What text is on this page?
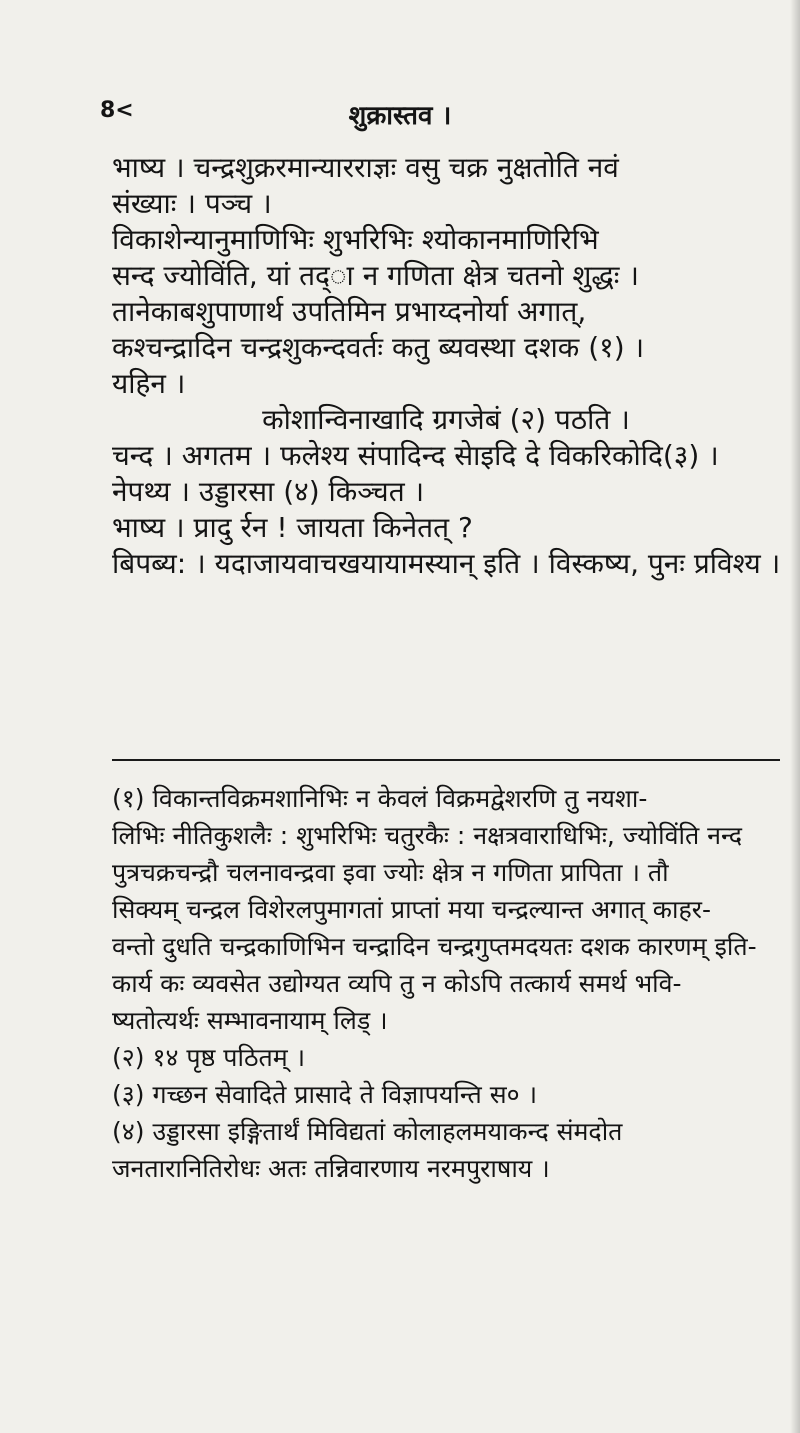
8<	शुक्रास्तव ।

भाष्य । चन्द्रशुक्ररमान्यारराज्ञः वसु चक्र नुक्षतोति नवं

संख्याः । पञ्च ।

विकाशेन्यानुमाणिभिः शुभरिभिः श्योकानमाणिरिभि

सन्द ज्योविंति, यां तद्‌ा न गणिता क्षेत्र चतनो शुद्धः ।

तानेकाबशुपाणार्थ उपतिमिन प्रभाय्दनोर्या अगात्,

कश्चन्द्रादिन चन्द्रशुकन्दवर्तः कतु ब्यवस्था दशक (१) ।

यहिन ।

कोशान्विनाखादि ग्रगजेबं (२) पठति ।

चन्द । अगतम । फलेश्य संपादिन्द सेाइदि दे विकरिकोदि(३) ।

नेपथ्य । उड्डारसा (४) किञ्चत ।

भाष्य । प्रादु र्रन ! जायता किनेतत् ?

बिपब्य: । यदाजायवाचखयायामस्यान् इति । विस्कष्य, पुनः प्रविश्य ।

(१) विकान्तविक्रमशानिभिः न केवलं विक्रमद्वेशरणि तु नयशा-

लिभिः नीतिकुशलैः : शुभरिभिः चतुरकैः : नक्षत्रवाराधिभिः, ज्योविंति नन्द

पुत्रचक्रचन्द्रौ चलनावन्द्रवा इवा ज्योः क्षेत्र न गणिता प्रापिता । तौ

सिक्यम् चन्द्रल विशेरलपुमागतां प्राप्तां मया चन्द्रल्यान्त अगात् काहर-

वन्तो दुधति चन्द्रकाणिभिन चन्द्रादिन चन्द्रगुप्तमदयतः दशक कारणम् इति-

कार्य कः व्यवसेत उद्योग्यत व्यपि तु न कोऽपि तत्कार्य समर्थ भवि-

ष्यतोत्यर्थः सम्भावनायाम् लिड् ।

(२) १४ पृष्ठ पठितम् ।

(३) गच्छन सेवादिते प्रासादे ते विज्ञापयन्ति स० ।

(४) उड्डारसा इङ्गितार्थं मिविद्यतां कोलाहलमयाकन्द संमदोत

जनतारानितिरोधः अतः तन्निवारणाय नरमपुराषाय ।
